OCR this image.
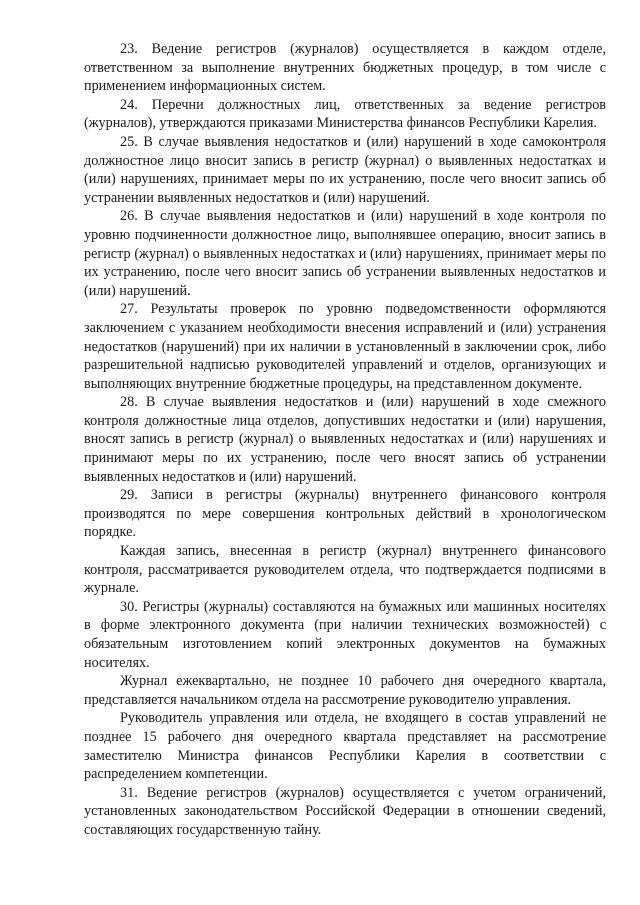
23. Ведение регистров (журналов) осуществляется в каждом отделе, ответственном за выполнение внутренних бюджетных процедур, в том числе с применением информационных систем.

24. Перечни должностных лиц, ответственных за ведение регистров (журналов), утверждаются приказами Министерства финансов Республики Карелия.

25. В случае выявления недостатков и (или) нарушений в ходе самоконтроля должностное лицо вносит запись в регистр (журнал) о выявленных недостатках и (или) нарушениях, принимает меры по их устранению, после чего вносит запись об устранении выявленных недостатков и (или) нарушений.

26. В случае выявления недостатков и (или) нарушений в ходе контроля по уровню подчиненности должностное лицо, выполнявшее операцию, вносит запись в регистр (журнал) о выявленных недостатках и (или) нарушениях, принимает меры по их устранению, после чего вносит запись об устранении выявленных недостатков и (или) нарушений.

27. Результаты проверок по уровню подведомственности оформляются заключением с указанием необходимости внесения исправлений и (или) устранения недостатков (нарушений) при их наличии в установленный в заключении срок, либо разрешительной надписью руководителей управлений и отделов, организующих и выполняющих внутренние бюджетные процедуры, на представленном документе.

28. В случае выявления недостатков и (или) нарушений в ходе смежного контроля должностные лица отделов, допустивших недостатки и (или) нарушения, вносят запись в регистр (журнал) о выявленных недостатках и (или) нарушениях и принимают меры по их устранению, после чего вносят запись об устранении выявленных недостатков и (или) нарушений.

29. Записи в регистры (журналы) внутреннего финансового контроля производятся по мере совершения контрольных действий в хронологическом порядке.

Каждая запись, внесенная в регистр (журнал) внутреннего финансового контроля, рассматривается руководителем отдела, что подтверждается подписями в журнале.

30. Регистры (журналы) составляются на бумажных или машинных носителях в форме электронного документа (при наличии технических возможностей) с обязательным изготовлением копий электронных документов на бумажных носителях.

Журнал ежеквартально, не позднее 10 рабочего дня очередного квартала, представляется начальником отдела на рассмотрение руководителю управления.

Руководитель управления или отдела, не входящего в состав управлений не позднее 15 рабочего дня очередного квартала представляет на рассмотрение заместителю Министра финансов Республики Карелия в соответствии с распределением компетенции.

31. Ведение регистров (журналов) осуществляется с учетом ограничений, установленных законодательством Российской Федерации в отношении сведений, составляющих государственную тайну.
